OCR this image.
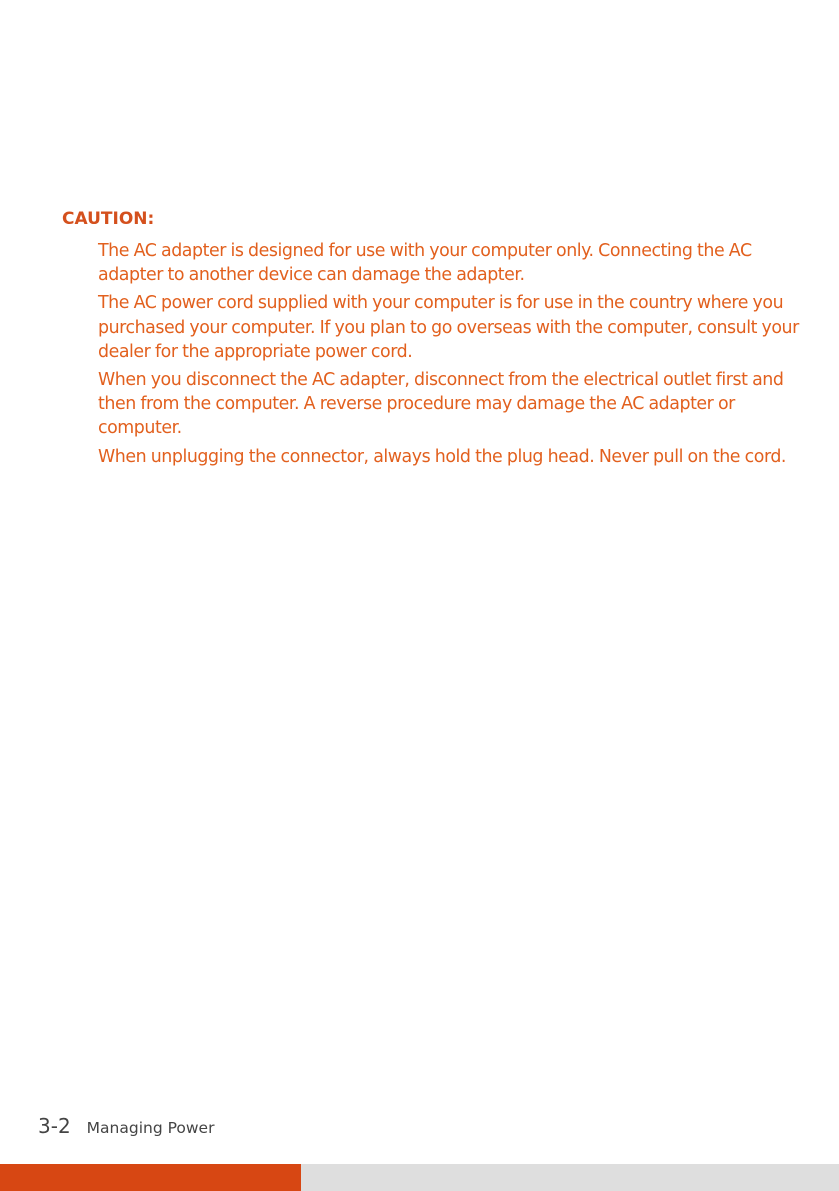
CAUTION:
The AC adapter is designed for use with your computer only. Connecting the AC adapter to another device can damage the adapter.
The AC power cord supplied with your computer is for use in the country where you purchased your computer. If you plan to go overseas with the computer, consult your dealer for the appropriate power cord.
When you disconnect the AC adapter, disconnect from the electrical outlet first and then from the computer. A reverse procedure may damage the AC adapter or computer.
When unplugging the connector, always hold the plug head. Never pull on the cord.
3-2 Managing Power
